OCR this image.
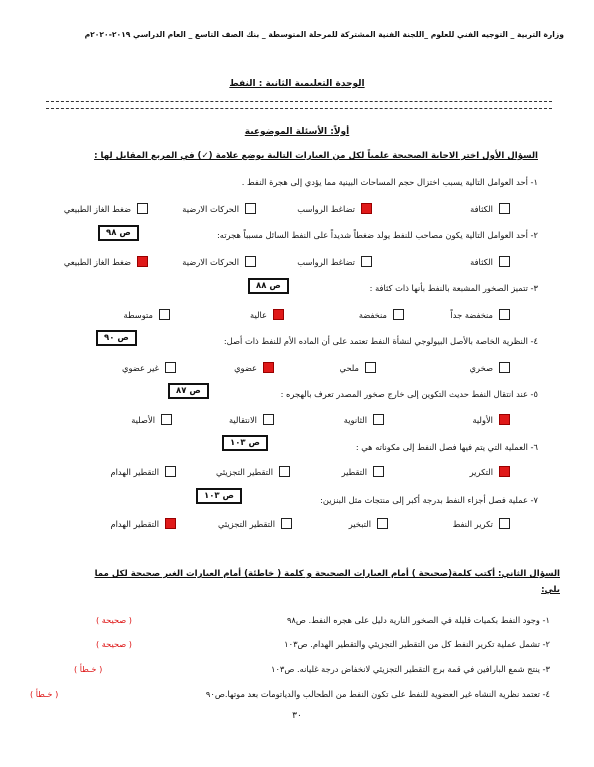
وزارة التربية _ التوجيه الفني للعلوم _اللجنة الفنية المشتركة للمرحلة المتوسطة _ بنك الصف التاسع _ العام الدراسي ٢٠١٩-٢٠٢٠م
الوحدة التعليمية الثانية : النفط
أولاً: الأسئلة الموضوعية
السؤال الأول اختر الاجابة الصحيحة علمياً لكل من العبارات التالية بوضع علامة (✓) في المربع المقابل لها :
١- أحد العوامل التالية يسبب اختزال حجم المساحات البينية مما يؤدي إلى هجرة النفط .
الكثافة
تضاغط الرواسب
الحركات الارضية
ضغط الغاز الطبيعي
٢- أحد العوامل التالية يكون مصاحب للنفط يولد ضغطاً شديداً على النفط السائل مسبباً هجرته:
ص ٩٨
الكثافة
تضاغط الرواسب
الحركات الارضية
ضغط الغاز الطبيعي
٣- تتميز الصخور المشبعة بالنفط بأنها ذات كثافة :
ص ٨٨
منخفضة جداً
منخفضة
عالية
متوسطة
٤- النظرية الخاصة بالأصل البيولوجي لنشأة النفط تعتمد على أن الماده الأم للنفط ذات أصل:
ص ٩٠
صخري
ملحي
عضوي
غير عضوي
٥- عند انتقال النفط حديث التكوين إلى خارج صخور المصدر تعرف بالهجره :
ص ٨٧
الأولية
الثانوية
الانتقالية
الأصلية
٦- العملية التي يتم فيها فصل النفط إلى مكوناته هي :
ص ١٠٣
التكرير
التقطير
التقطير التجزيئي
التقطير الهدام
٧- عملية فصل أجزاء النفط بدرجة أكبر إلى منتجات مثل البنزين:
ص ١٠٣
تكرير النفط
التبخير
التقطير التجزيئي
التقطير الهدام
السؤال الثاني: أكتب كلمة(صحيحة ) أمام العبارات الصحيحة و كلمة ( خاطئة) أمام العبارات الغير صحيحة لكل مما
يلي:
١- وجود النفط بكميات قليلة في الصخور النارية دليل على هجره النفط. ص٩٨
( صحيحة )
٢- تشمل عملية تكرير النفط كل من التقطير التجزيئي والتقطير الهدام. ص١٠٣
( صحيحة )
٣- ينتج شمع البارافين في قمة برج التقطير التجزيئي لانخفاض درجة غليانه. ص١٠٣
( خـطأ )
٤- تعتمد نظرية النشاه غير العضوية للنفط على تكون النفط من الطحالب والدياتومات بعد موتها.ص٩٠
( خـطأ )
٣٠
